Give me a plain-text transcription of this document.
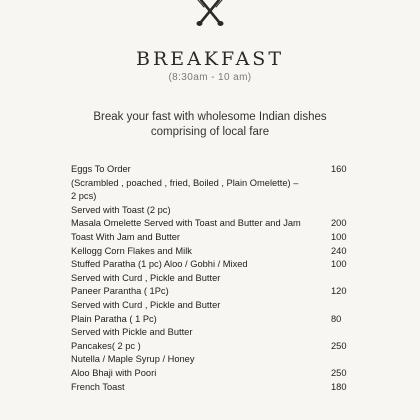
BREAKFAST
(8:30am - 10 am)
Break your fast with wholesome Indian dishes
comprising of local fare
Eggs To Order	160
(Scrambled , poached , fried, Boiled , Plain Omelette) –
2 pcs)
Served with Toast (2 pc)
Masala Omelette Served with Toast and Butter and Jam	200
Toast With Jam and Butter	100
Kellogg Corn Flakes and Milk	240
Stuffed Paratha (1 pc) Aloo / Gobhi / Mixed	100
Served with Curd , Pickle and Butter
Paneer Parantha ( 1Pc)	120
Served with Curd , Pickle and Butter
Plain Paratha ( 1 Pc)	80
Served with Pickle and Butter
Pancakes( 2 pc )	250
Nutella / Maple Syrup / Honey
Aloo Bhaji with Poori	250
French Toast	180
